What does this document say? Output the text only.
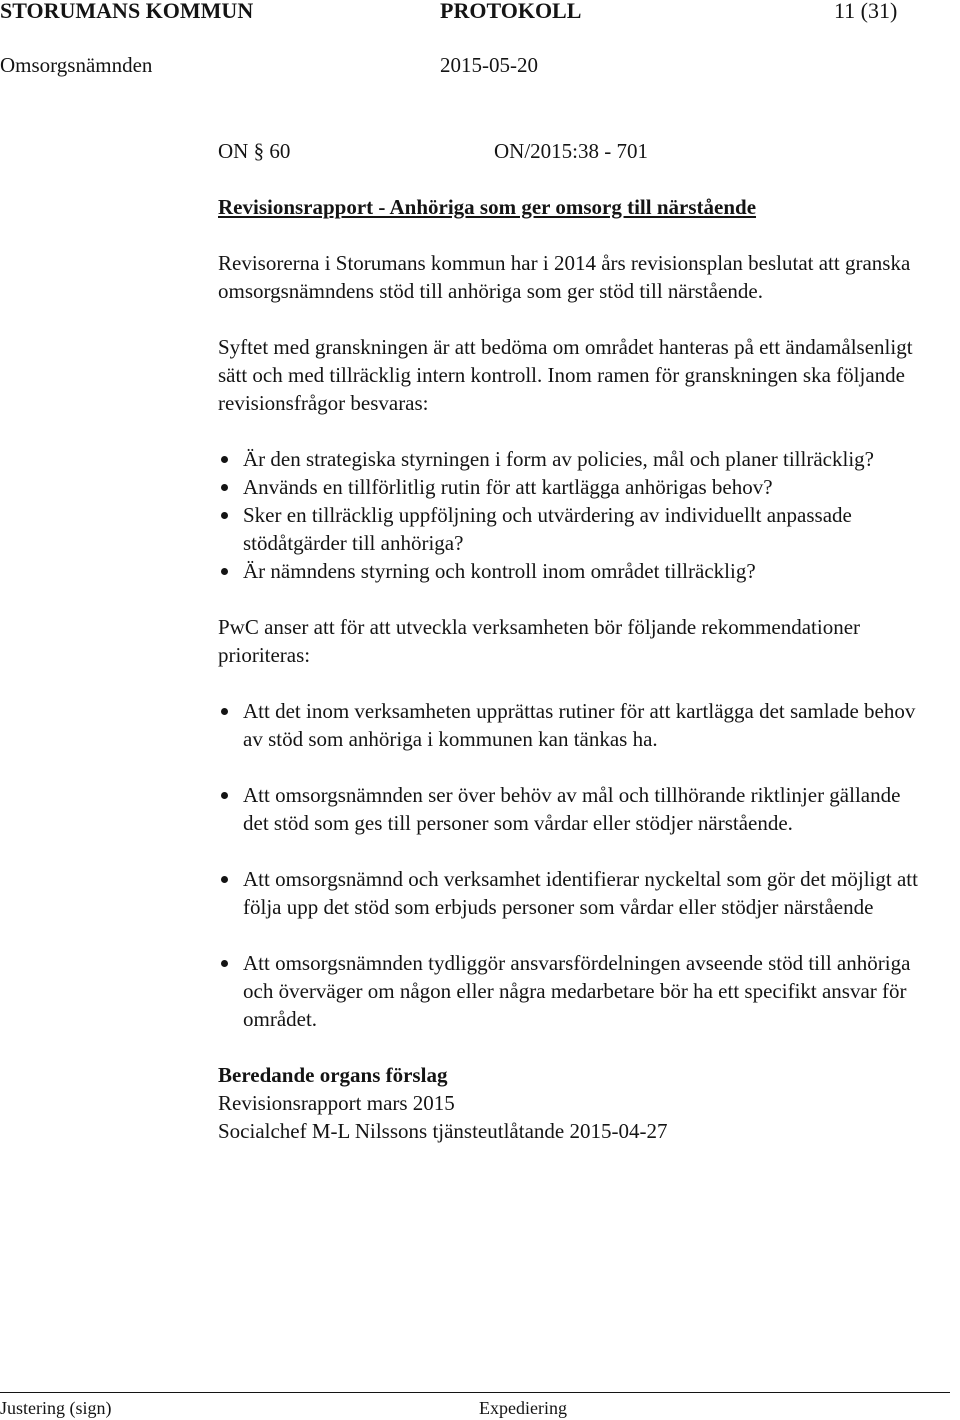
STORUMANS KOMMUN	PROTOKOLL	11 (31)
Omsorgsnämnden	2015-05-20
ON § 60	ON/2015:38 - 701
Revisionsrapport - Anhöriga som ger omsorg till närstående
Revisorerna i Storumans kommun har i 2014 års revisionsplan beslutat att granska omsorgsnämndens stöd till anhöriga som ger stöd till närstående.
Syftet med granskningen är att bedöma om området hanteras på ett ändamålsenligt sätt och med tillräcklig intern kontroll. Inom ramen för granskningen ska följande revisionsfrågor besvaras:
Är den strategiska styrningen i form av policies, mål och planer tillräcklig?
Används en tillförlitlig rutin för att kartlägga anhörigas behov?
Sker en tillräcklig uppföljning och utvärdering av individuellt anpassade stödåtgärder till anhöriga?
Är nämndens styrning och kontroll inom området tillräcklig?
PwC anser att för att utveckla verksamheten bör följande rekommendationer prioriteras:
Att det inom verksamheten upprättas rutiner för att kartlägga det samlade behov av stöd som anhöriga i kommunen kan tänkas ha.
Att omsorgsnämnden ser över behöv av mål och tillhörande riktlinjer gällande det stöd som ges till personer som vårdar eller stödjer närstående.
Att omsorgsnämnd och verksamhet identifierar nyckeltal som gör det möjligt att följa upp det stöd som erbjuds personer som vårdar eller stödjer närstående
Att omsorgsnämnden tydliggör ansvarsfördelningen avseende stöd till anhöriga och överväger om någon eller några medarbetare bör ha ett specifikt ansvar för området.
Beredande organs förslag
Revisionsrapport mars 2015
Socialchef M-L Nilssons tjänsteutlåtande 2015-04-27
Justering (sign)	Expediering
